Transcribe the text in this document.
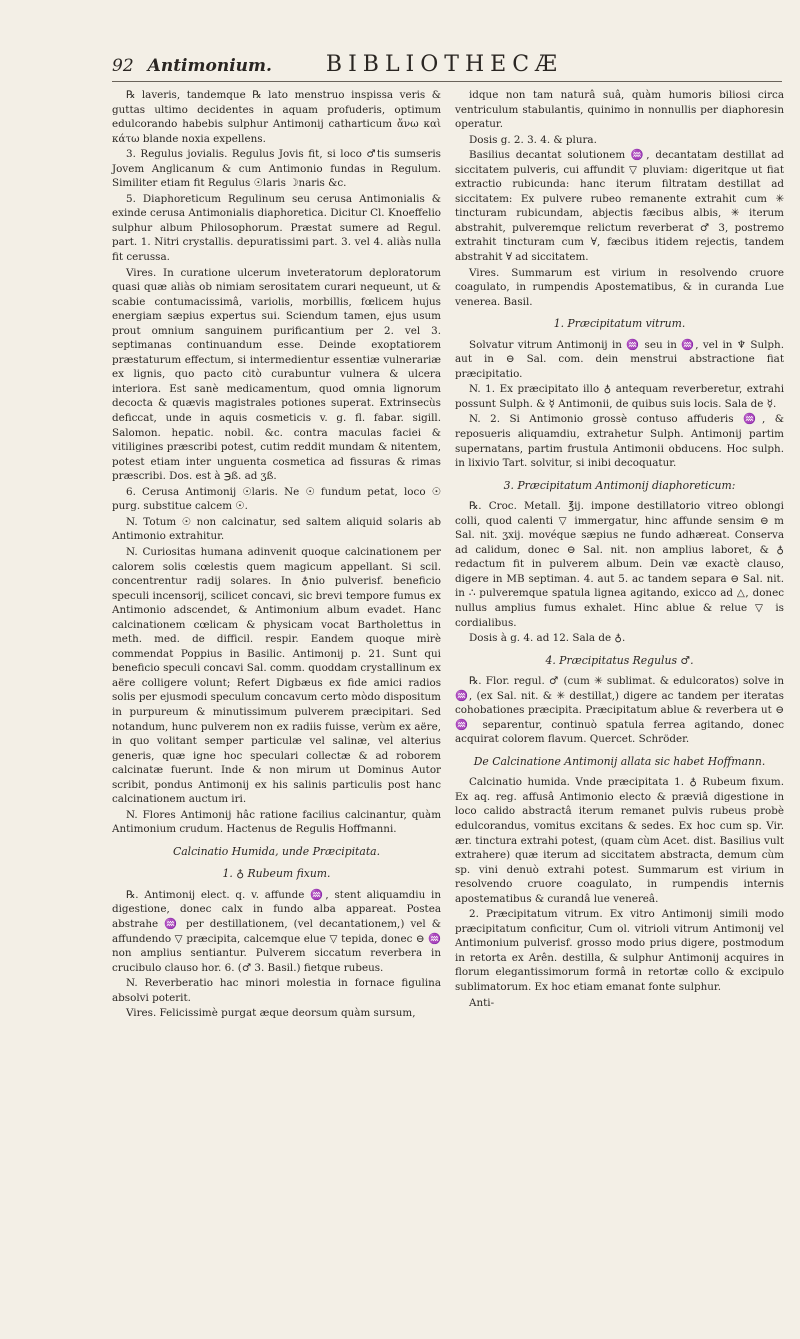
92 Antimonium. BIBLIOTHECÆ

℞ laveris, tandemque ℞ lato menstruo inspissa veris & guttas ultimo decidentes in aquam profuderis, optimum edulcorando habebis sulphur Antimonij catharticum ἄνω καὶ κάτω blande noxia expellens.

3. Regulus jovialis. Regulus Jovis fit, si loco ♂tis sumseris Jovem Anglicanum & cum Antimonio fundas in Regulum. Similiter etiam fit Regulus ☉laris ☽naris &c.

5. Diaphoreticum Regulinum seu cerusa Antimonialis & exinde cerusa Antimonialis diaphoretica. Dicitur Cl. Knoeffelio sulphur album Philosophorum. Præstat sumere ad Regul. part. 1. Nitri crystallis. depuratissimi part. 3. vel 4. aliàs nulla fit cerussa.

Vires. In curatione ulcerum inveteratorum deploratorum quasi quæ aliàs ob nimiam serositatem curari nequeunt, ut & scabie contumacissimâ, variolis, morbillis, fœlicem hujus energiam sæpius expertus sui. Sciendum tamen, ejus usum prout omnium sanguinem purificantium per 2. vel 3. septimanas continuandum esse. Deinde exoptatiorem præstaturum effectum, si intermedientur essentiæ vulnerariæ ex lignis, quo pacto citò curabuntur vulnera & ulcera interiora. Est sanè medicamentum, quod omnia lignorum decocta & quævis magistrales potiones superat. Extrinsecùs deficcat, unde in aquis cosmeticis v. g. fl. fabar. sigill. Salomon. hepatic. nobil. &c. contra maculas faciei & vitiligines præscribi potest, cutim reddit mundam & nitentem, potest etiam inter unguenta cosmetica ad fissuras & rimas præscribi. Dos. est à ℈ß. ad ʒß.

6. Cerusa Antimonij ☉laris. Ne ☉ fundum petat, loco ☉ purg. substitue calcem ☉.

N. Totum ☉ non calcinatur, sed saltem aliquid solaris ab Antimonio extrahitur.

N. Curiositas humana adinvenit quoque calcinationem per calorem solis cœlestis quem magicum appellant. Si scil. concentrentur radij solares. In ♁nio pulverisf. beneficio speculi incensorij, scilicet concavi, sic brevi tempore fumus ex Antimonio adscendet, & Antimonium album evadet. Hanc calcinationem cœlicam & physicam vocat Bartholettus in meth. med. de difficil. respir. Eandem quoque mirè commendat Poppius in Basilic. Antimonij p. 21. Sunt qui beneficio speculi concavi Sal. comm. quoddam crystallinum ex aëre colligere volunt; Refert Digbæus ex fide amici radios solis per ejusmodi speculum concavum certo mòdo dispositum in purpureum & minutissimum pulverem præcipitari. Sed notandum, hunc pulverem non ex radiis fuisse, verùm ex aëre, in quo volitant semper particulæ vel salinæ, vel alterius generis, quæ igne hoc speculari collectæ & ad roborem calcinatæ fuerunt. Inde & non mirum ut Dominus Autor scribit, pondus Antimonij ex his salinis particulis post hanc calcinationem auctum iri.

N. Flores Antimonij hâc ratione facilius calcinantur, quàm Antimonium crudum. Hactenus de Regulis Hoffmanni.

Calcinatio Humida, unde Præcipitata.
1. ♁ Rubeum fixum.

℞. Antimonij elect. q. v. affunde ♒, stent aliquamdiu in digestione, donec calx in fundo alba appareat. Postea abstrahe ♒ per destillationem, (vel decantationem,) vel & affundendo ▽ præcipita, calcemque elue ▽ tepida, donec ⊖ ♒ non amplius sentiantur. Pulverem siccatum reverbera in crucibulo clauso hor. 6. (♂ 3. Basil.) fietque rubeus.

N. Reverberatio hac minori molestia in fornace figulina absolvi poterit.

Vires. Felicissimè purgat æque deorsum quàm sursum,

idque non tam naturâ suâ, quàm humoris biliosi circa ventriculum stabulantis, quinimo in nonnullis per diaphoresin operatur.

Dosis g. 2. 3. 4. & plura.

Basilius decantat solutionem ♒, decantatam destillat ad siccitatem pulveris, cui affundit ▽ pluviam: digeritque ut fiat extractio rubicunda: hanc iterum filtratam destillat ad siccitatem: Ex pulvere rubeo remanente extrahit cum ✳ tincturam rubicundam, abjectis fæcibus albis, ✳ iterum abstrahit, pulveremque relictum reverberat ♂ 3, postremo extrahit tincturam cum ∀, fæcibus itidem rejectis, tandem abstrahit ∀ ad siccitatem.

Vires. Summarum est virium in resolvendo cruore coagulato, in rumpendis Apostematibus, & in curanda Lue venerea. Basil.

1. Præcipitatum vitrum.

Solvatur vitrum Antimonij in ♒ seu in ♒, vel in ♆ Sulph. aut in ⊖ Sal. com. dein menstrui abstractione fiat præcipitatio.

N. 1. Ex præcipitato illo ♁ antequam reverberetur, extrahi possunt Sulph. & ☿ Antimonii, de quibus suis locis. Sala de ☿.

N. 2. Si Antimonio grossè contuso affuderis ♒, & reposueris aliquamdiu, extrahetur Sulph. Antimonij partim supernatans, partim frustula Antimonii obducens. Hoc sulph. in lixivio Tart. solvitur, si inibi decoquatur.

3. Præcipitatum Antimonij diaphoreticum:

℞. Croc. Metall. ℥ij. impone destillatorio vitreo oblongi colli, quod calenti ▽ immergatur, hinc affunde sensim ⊖ m Sal. nit. ʒxij. movéque sæpius ne fundo adhæreat. Conserva ad calidum, donec ⊖ Sal. nit. non amplius laboret, & ♁ redactum fit in pulverem album. Dein væ exactè clauso, digere in MB septiman. 4. aut 5. ac tandem separa ⊖ Sal. nit. in ∴ pulveremque spatula lignea agitando, exicco ad △, donec nullus amplius fumus exhalet. Hinc ablue & relue ▽ is cordialibus.

Dosis à g. 4. ad 12. Sala de ♁.

4. Præcipitatus Regulus ♂.

℞. Flor. regul. ♂ (cum ✳ sublimat. & edulcoratos) solve in ♒, (ex Sal. nit. & ✳ destillat,) digere ac tandem per iteratas cohobationes præcipita. Præcipitatum ablue & reverbera ut ⊖ ♒ separentur, continuò spatula ferrea agitando, donec acquirat colorem flavum. Quercet. Schröder.

De Calcinatione Antimonij allata sic habet Hoffmann.

Calcinatio humida. Vnde præcipitata 1. ♁ Rubeum fixum. Ex aq. reg. affusâ Antimonio electo & præviâ digestione in loco calido abstractâ iterum remanet pulvis rubeus probè edulcorandus, vomitus excitans & sedes. Ex hoc cum sp. Vir. ær. tinctura extrahi potest, (quam cùm Acet. dist. Basilius vult extrahere) quæ iterum ad siccitatem abstracta, demum cùm sp. vini denuò extrahi potest. Summarum est virium in resolvendo cruore coagulato, in rumpendis internis apostematibus & curandâ lue venereâ.

2. Præcipitatum vitrum. Ex vitro Antimonij simili modo præcipitatum conficitur, Cum ol. vitrioli vitrum Antimonij vel Antimonium pulverisf. grosso modo prius digere, postmodum in retorta ex Arên. destilla, & sulphur Antimonij acquires in florum elegantissimorum formâ in retortæ collo & excipulo sublimatorum. Ex hoc etiam emanat fonte sulphur.

Anti-
